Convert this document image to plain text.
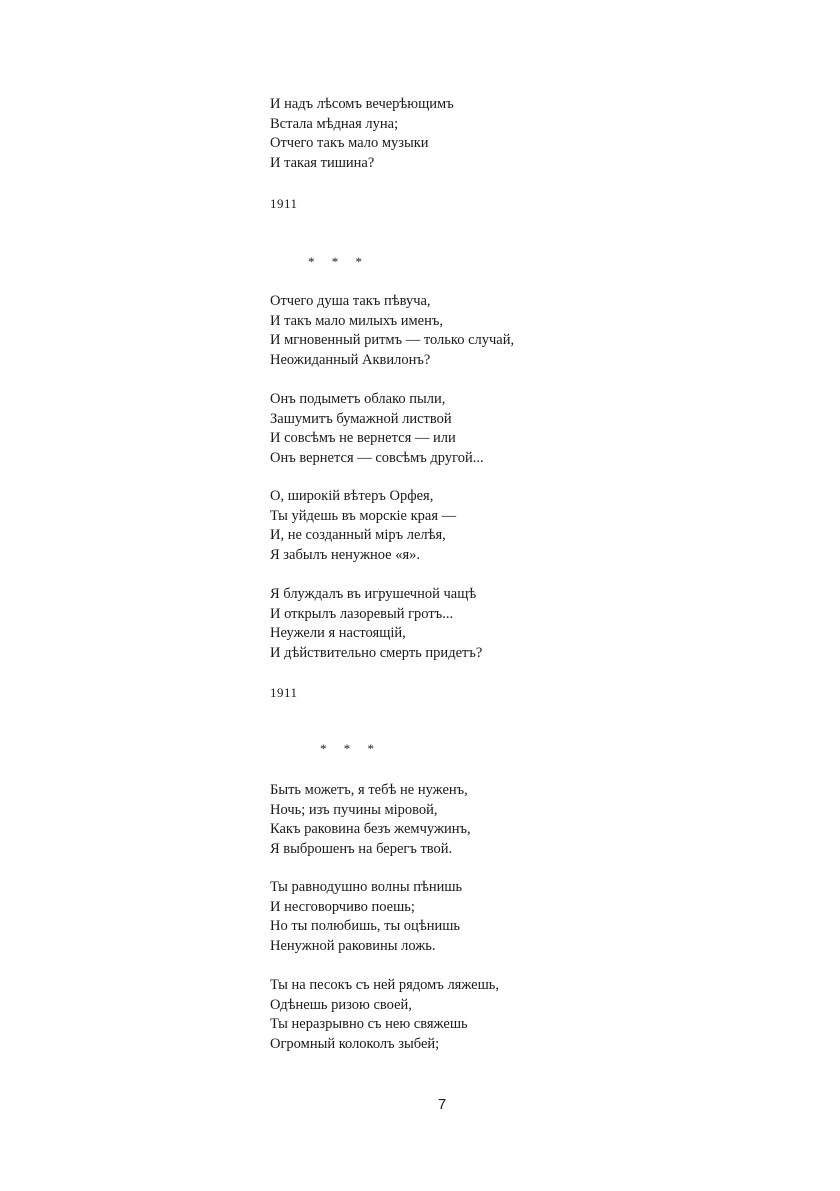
И надъ лѣсомъ вечерѣющимъ
Встала мѣдная луна;
Отчего такъ мало музыки
И такая тишина?
1911
* * *
Отчего душа такъ пѣвуча,
И такъ мало милыхъ именъ,
И мгновенный ритмъ — только случай,
Неожиданный Аквилонъ?
Онъ подыметъ облако пыли,
Зашумитъ бумажной листвой
И совсѣмъ не вернется — или
Онъ вернется — совсѣмъ другой...
О, широкій вѣтеръ Орфея,
Ты уйдешь въ морскіе края —
И, не созданный міръ лелѣя,
Я забылъ ненужное «я».
Я блуждалъ въ игрушечной чащѣ
И открылъ лазоревый гротъ...
Неужели я настоящій,
И дѣйствительно смерть придетъ?
1911
* * *
Быть можетъ, я тебѣ не нуженъ,
Ночь; изъ пучины міровой,
Какъ раковина безъ жемчужинъ,
Я выброшенъ на берегъ твой.
Ты равнодушно волны пѣнишь
И несговорчиво поешь;
Но ты полюбишь, ты оцѣнишь
Ненужной раковины ложь.
Ты на песокъ съ ней рядомъ ляжешь,
Одѣнешь ризою своей,
Ты неразрывно съ нею свяжешь
Огромный колоколъ зыбей;
7
